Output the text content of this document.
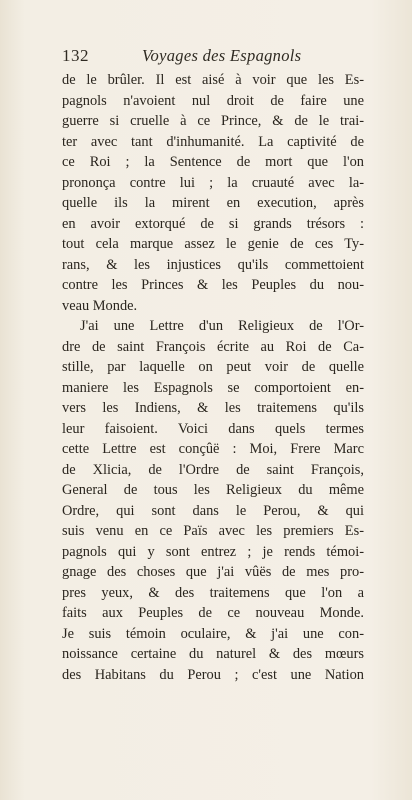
132	Voyages des Espagnols
de le brûler. Il est aisé à voir que les Es-
pagnols n'avoient nul droit de faire une
guerre si cruelle à ce Prince, & de le trai-
ter avec tant d'inhumanité. La captivité de
ce Roi ; la Sentence de mort que l'on
prononça contre lui ; la cruauté avec la-
quelle ils la mirent en execution, après
en avoir extorqué de si grands trésors :
tout cela marque assez le genie de ces Ty-
rans, & les injustices qu'ils commettoient
contre les Princes & les Peuples du nou-
veau Monde.
J'ai une Lettre d'un Religieux de l'Or-
dre de saint François écrite au Roi de Ca-
stille, par laquelle on peut voir de quelle
maniere les Espagnols se comportoient en-
vers les Indiens, & les traitemens qu'ils
leur faisoient. Voici dans quels termes
cette Lettre est conçûë : Moi, Frere Marc
de Xlicia, de l'Ordre de saint François,
General de tous les Religieux du même
Ordre, qui sont dans le Perou, & qui
suis venu en ce Païs avec les premiers Es-
pagnols qui y sont entrez ; je rends témoi-
gnage des choses que j'ai vûës de mes pro-
pres yeux, & des traitemens que l'on a
faits aux Peuples de ce nouveau Monde.
Je suis témoin oculaire, & j'ai une con-
noissance certaine du naturel & des mœurs
des Habitans du Perou ; c'est une Nation
